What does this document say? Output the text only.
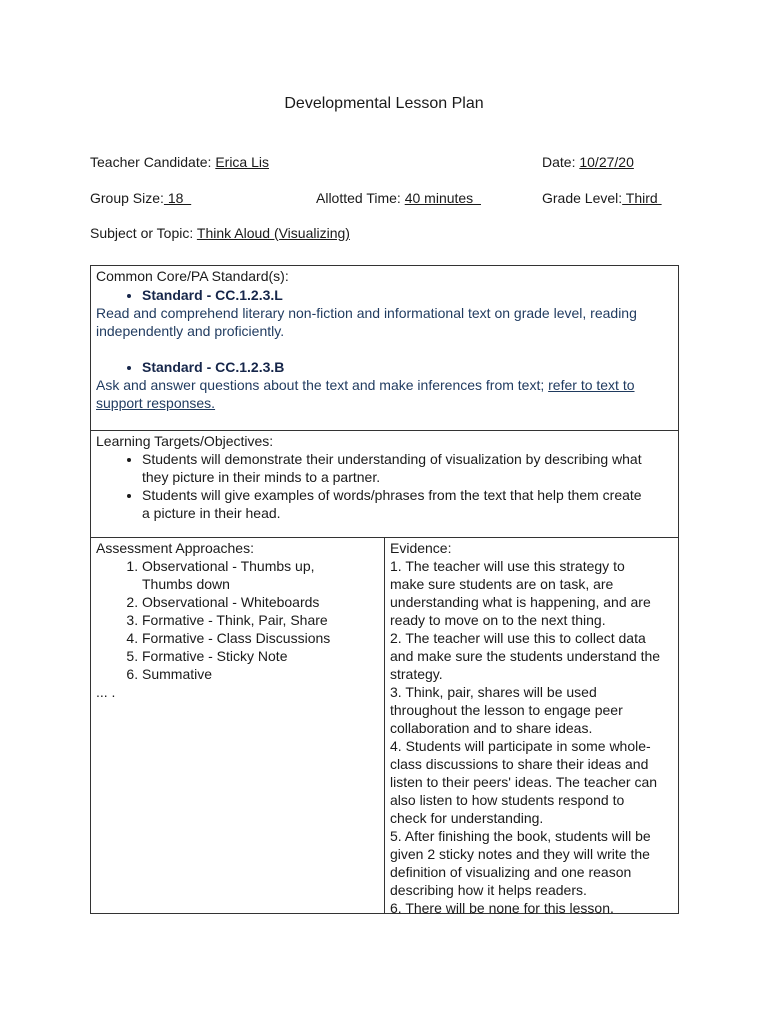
Developmental Lesson Plan
Teacher Candidate: Erica Lis	Date: 10/27/20
Group Size: 18	Allotted Time: 40 minutes	Grade Level: Third
Subject or Topic: Think Aloud (Visualizing)
Common Core/PA Standard(s):
• Standard - CC.1.2.3.L
Read and comprehend literary non-fiction and informational text on grade level, reading independently and proficiently.
• Standard - CC.1.2.3.B
Ask and answer questions about the text and make inferences from text; refer to text to support responses.
Learning Targets/Objectives:
• Students will demonstrate their understanding of visualization by describing what they picture in their minds to a partner.
• Students will give examples of words/phrases from the text that help them create a picture in their head.
Assessment Approaches:
1. Observational - Thumbs up, Thumbs down
2. Observational - Whiteboards
3. Formative - Think, Pair, Share
4. Formative - Class Discussions
5. Formative - Sticky Note
6. Summative
... .
Evidence:
1. The teacher will use this strategy to make sure students are on task, are understanding what is happening, and are ready to move on to the next thing.
2. The teacher will use this to collect data and make sure the students understand the strategy.
3. Think, pair, shares will be used throughout the lesson to engage peer collaboration and to share ideas.
4. Students will participate in some whole-class discussions to share their ideas and listen to their peers' ideas. The teacher can also listen to how students respond to check for understanding.
5. After finishing the book, students will be given 2 sticky notes and they will write the definition of visualizing and one reason describing how it helps readers.
6. There will be none for this lesson.
